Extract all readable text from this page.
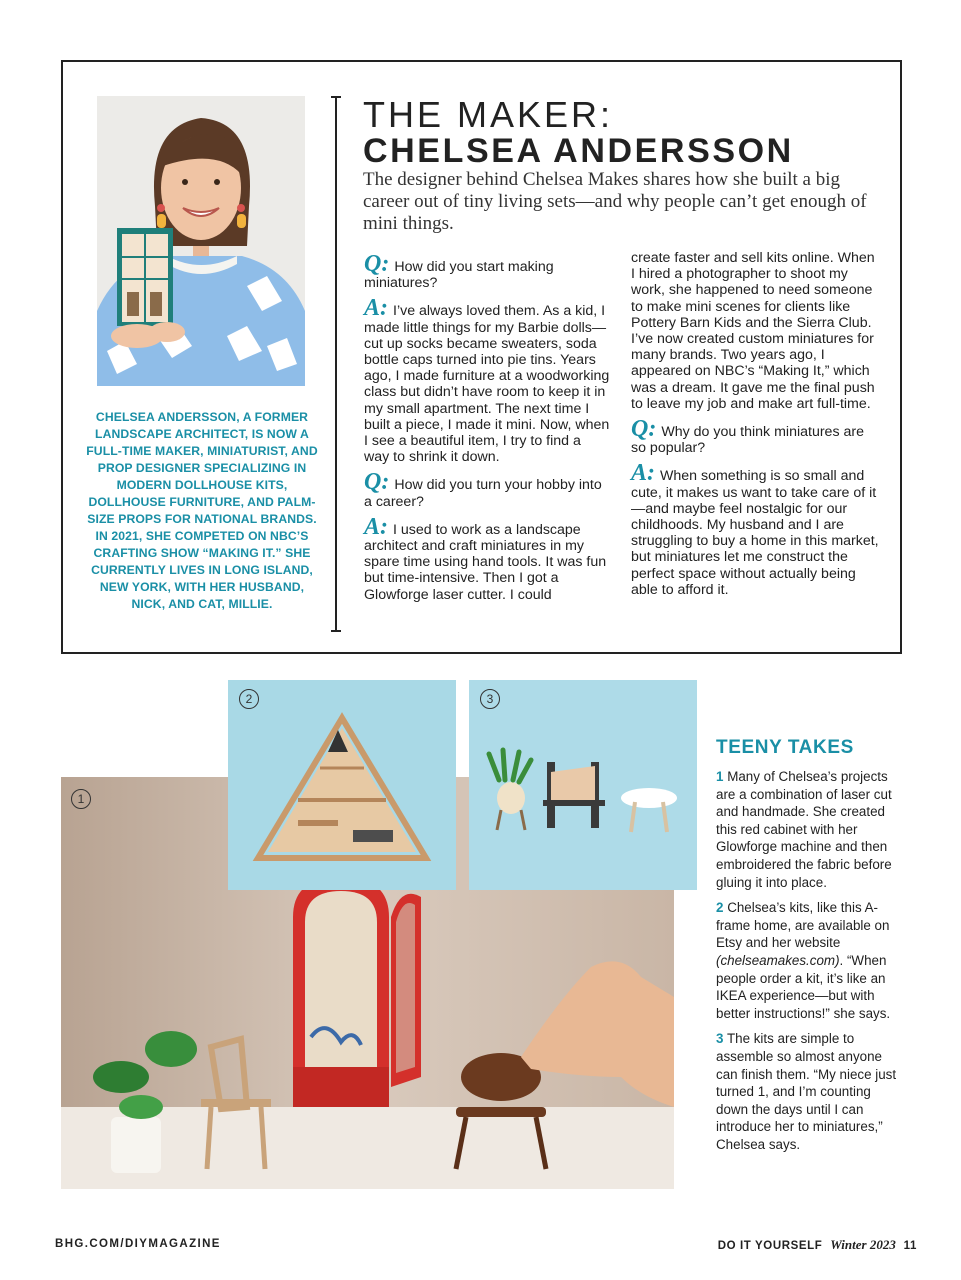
CHELSEA ANDERSSON, A FORMER LANDSCAPE ARCHITECT, IS NOW A FULL-TIME MAKER, MINIATURIST, AND PROP DESIGNER SPECIALIZING IN MODERN DOLLHOUSE KITS, DOLLHOUSE FURNITURE, AND PALM-SIZE PROPS FOR NATIONAL BRANDS. IN 2021, SHE COMPETED ON NBC’S CRAFTING SHOW “MAKING IT.” SHE CURRENTLY LIVES IN LONG ISLAND, NEW YORK, WITH HER HUSBAND, NICK, AND CAT, MILLIE.

THE MAKER:
CHELSEA ANDERSSON

The designer behind Chelsea Makes shares how she built a big career out of tiny living sets—and why people can’t get enough of mini things.

Q: How did you start making miniatures?

A: I’ve always loved them. As a kid, I made little things for my Barbie dolls—cut up socks became sweaters, soda bottle caps turned into pie tins. Years ago, I made furniture at a woodworking class but didn’t have room to keep it in my small apartment. The next time I built a piece, I made it mini. Now, when I see a beautiful item, I try to find a way to shrink it down.

Q: How did you turn your hobby into a career?

A: I used to work as a landscape architect and craft miniatures in my spare time using hand tools. It was fun but time-intensive. Then I got a Glowforge laser cutter. I could

create faster and sell kits online. When I hired a photographer to shoot my work, she happened to need someone to make mini scenes for clients like Pottery Barn Kids and the Sierra Club. I’ve now created custom miniatures for many brands. Two years ago, I appeared on NBC’s “Making It,” which was a dream. It gave me the final push to leave my job and make art full-time.

Q: Why do you think miniatures are so popular?

A: When something is so small and cute, it makes us want to take care of it—and maybe feel nostalgic for our childhoods. My husband and I are struggling to buy a home in this market, but miniatures let me construct the perfect space without actually being able to afford it.

1
2	3
TEENY TAKES

1 Many of Chelsea’s projects are a combination of laser cut and handmade. She created this red cabinet with her Glowforge machine and then embroidered the fabric before gluing it into place.

2 Chelsea’s kits, like this A-frame home, are available on Etsy and her website (chelseamakes.com). “When people order a kit, it’s like an IKEA experience—but with better instructions!” she says.

3 The kits are simple to assemble so almost anyone can finish them. “My niece just turned 1, and I’m counting down the days until I can introduce her to miniatures,” Chelsea says.

BHG.COM/DIYMAGAZINE	DO IT YOURSELF Winter 2023 11
